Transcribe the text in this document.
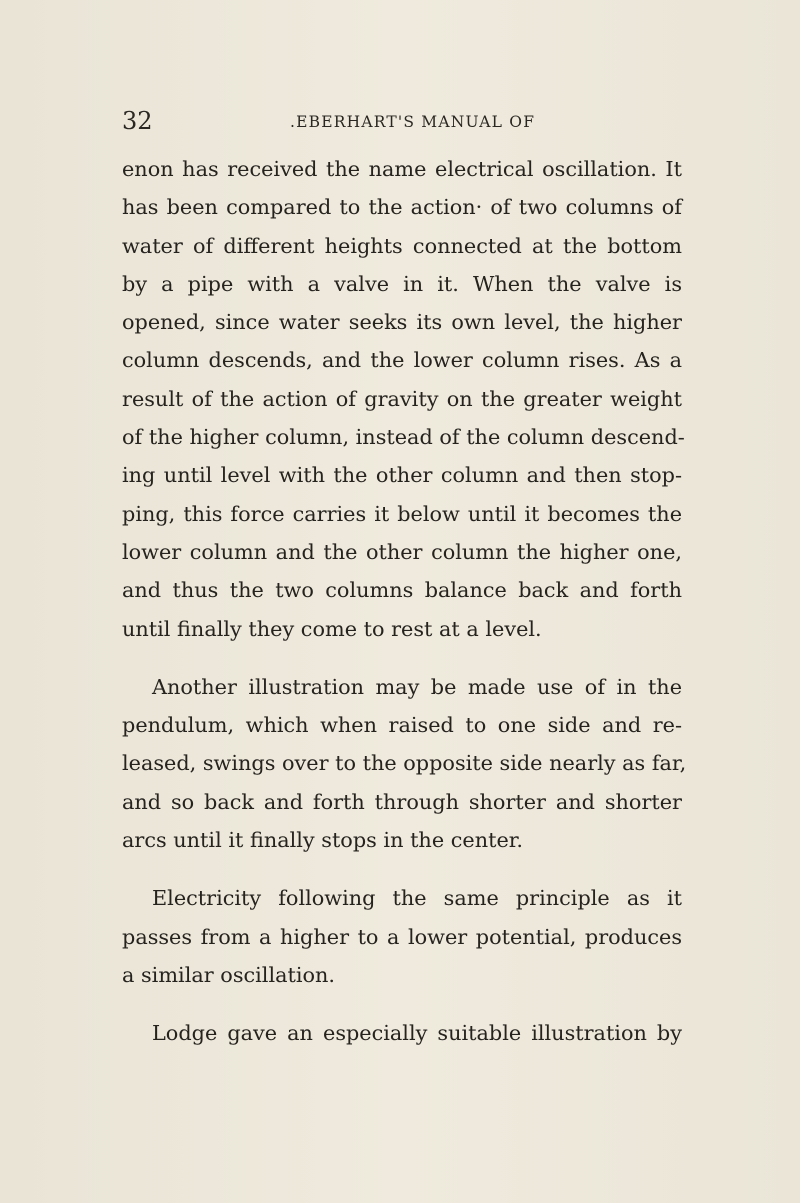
32	.EBERHART'S MANUAL OF

enon has received the name electrical oscillation. It
has been compared to the action· of two columns of
water of different heights connected at the bottom
by a pipe with a valve in it. When the valve is
opened, since water seeks its own level, the higher
column descends, and the lower column rises. As a
result of the action of gravity on the greater weight
of the higher column, instead of the column descend-
ing until level with the other column and then stop-
ping, this force carries it below until it becomes the
lower column and the other column the higher one,
and thus the two columns balance back and forth
until finally they come to rest at a level.

Another illustration may be made use of in the
pendulum, which when raised to one side and re-
leased, swings over to the opposite side nearly as far,
and so back and forth through shorter and shorter
arcs until it finally stops in the center.

Electricity following the same principle as it
passes from a higher to a lower potential, produces
a similar oscillation.

Lodge gave an especially suitable illustration by
